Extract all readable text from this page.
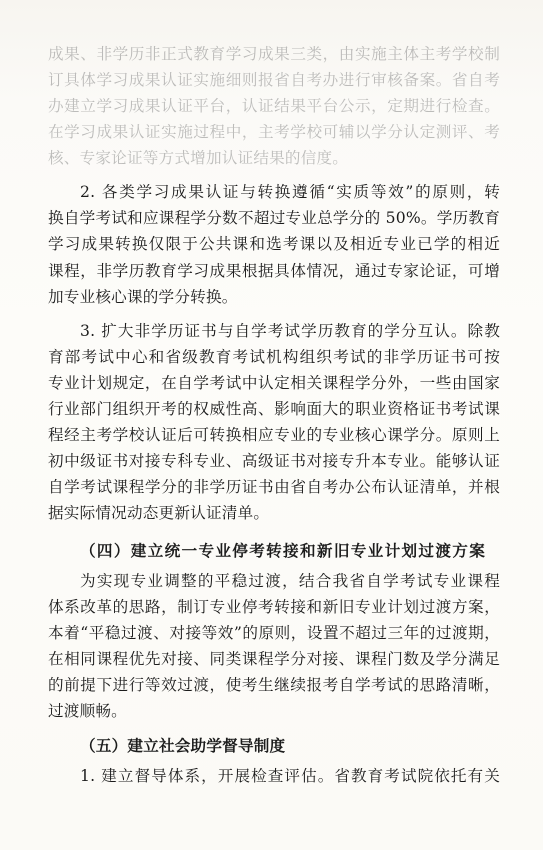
成果、非学历非正式教育学习成果三类，由实施主体主考学校制
订具体学习成果认证实施细则报省自考办进行审核备案。省自考
办建立学习成果认证平台，认证结果平台公示，定期进行检查。
在学习成果认证实施过程中，主考学校可辅以学分认定测评、考
核、专家论证等方式增加认证结果的信度。
2. 各类学习成果认证与转换遵循“实质等效”的原则，转
换自学考试和应课程学分数不超过专业总学分的 50%。学历教育
学习成果转换仅限于公共课和选考课以及相近专业已学的相近
课程，非学历教育学习成果根据具体情况，通过专家论证，可增
加专业核心课的学分转换。
3. 扩大非学历证书与自学考试学历教育的学分互认。除教
育部考试中心和省级教育考试机构组织考试的非学历证书可按
专业计划规定，在自学考试中认定相关课程学分外，一些由国家
行业部门组织开考的权威性高、影响面大的职业资格证书考试课
程经主考学校认证后可转换相应专业的专业核心课学分。原则上
初中级证书对接专科专业、高级证书对接专升本专业。能够认证
自学考试课程学分的非学历证书由省自考办公布认证清单，并根
据实际情况动态更新认证清单。
（四）建立统一专业停考转接和新旧专业计划过渡方案
为实现专业调整的平稳过渡，结合我省自学考试专业课程
体系改革的思路，制订专业停考转接和新旧专业计划过渡方案，
本着“平稳过渡、对接等效”的原则，设置不超过三年的过渡期，
在相同课程优先对接、同类课程学分对接、课程门数及学分满足
的前提下进行等效过渡，使考生继续报考自学考试的思路清晰，
过渡顺畅。
（五）建立社会助学督导制度
1. 建立督导体系，开展检查评估。省教育考试院依托有关
